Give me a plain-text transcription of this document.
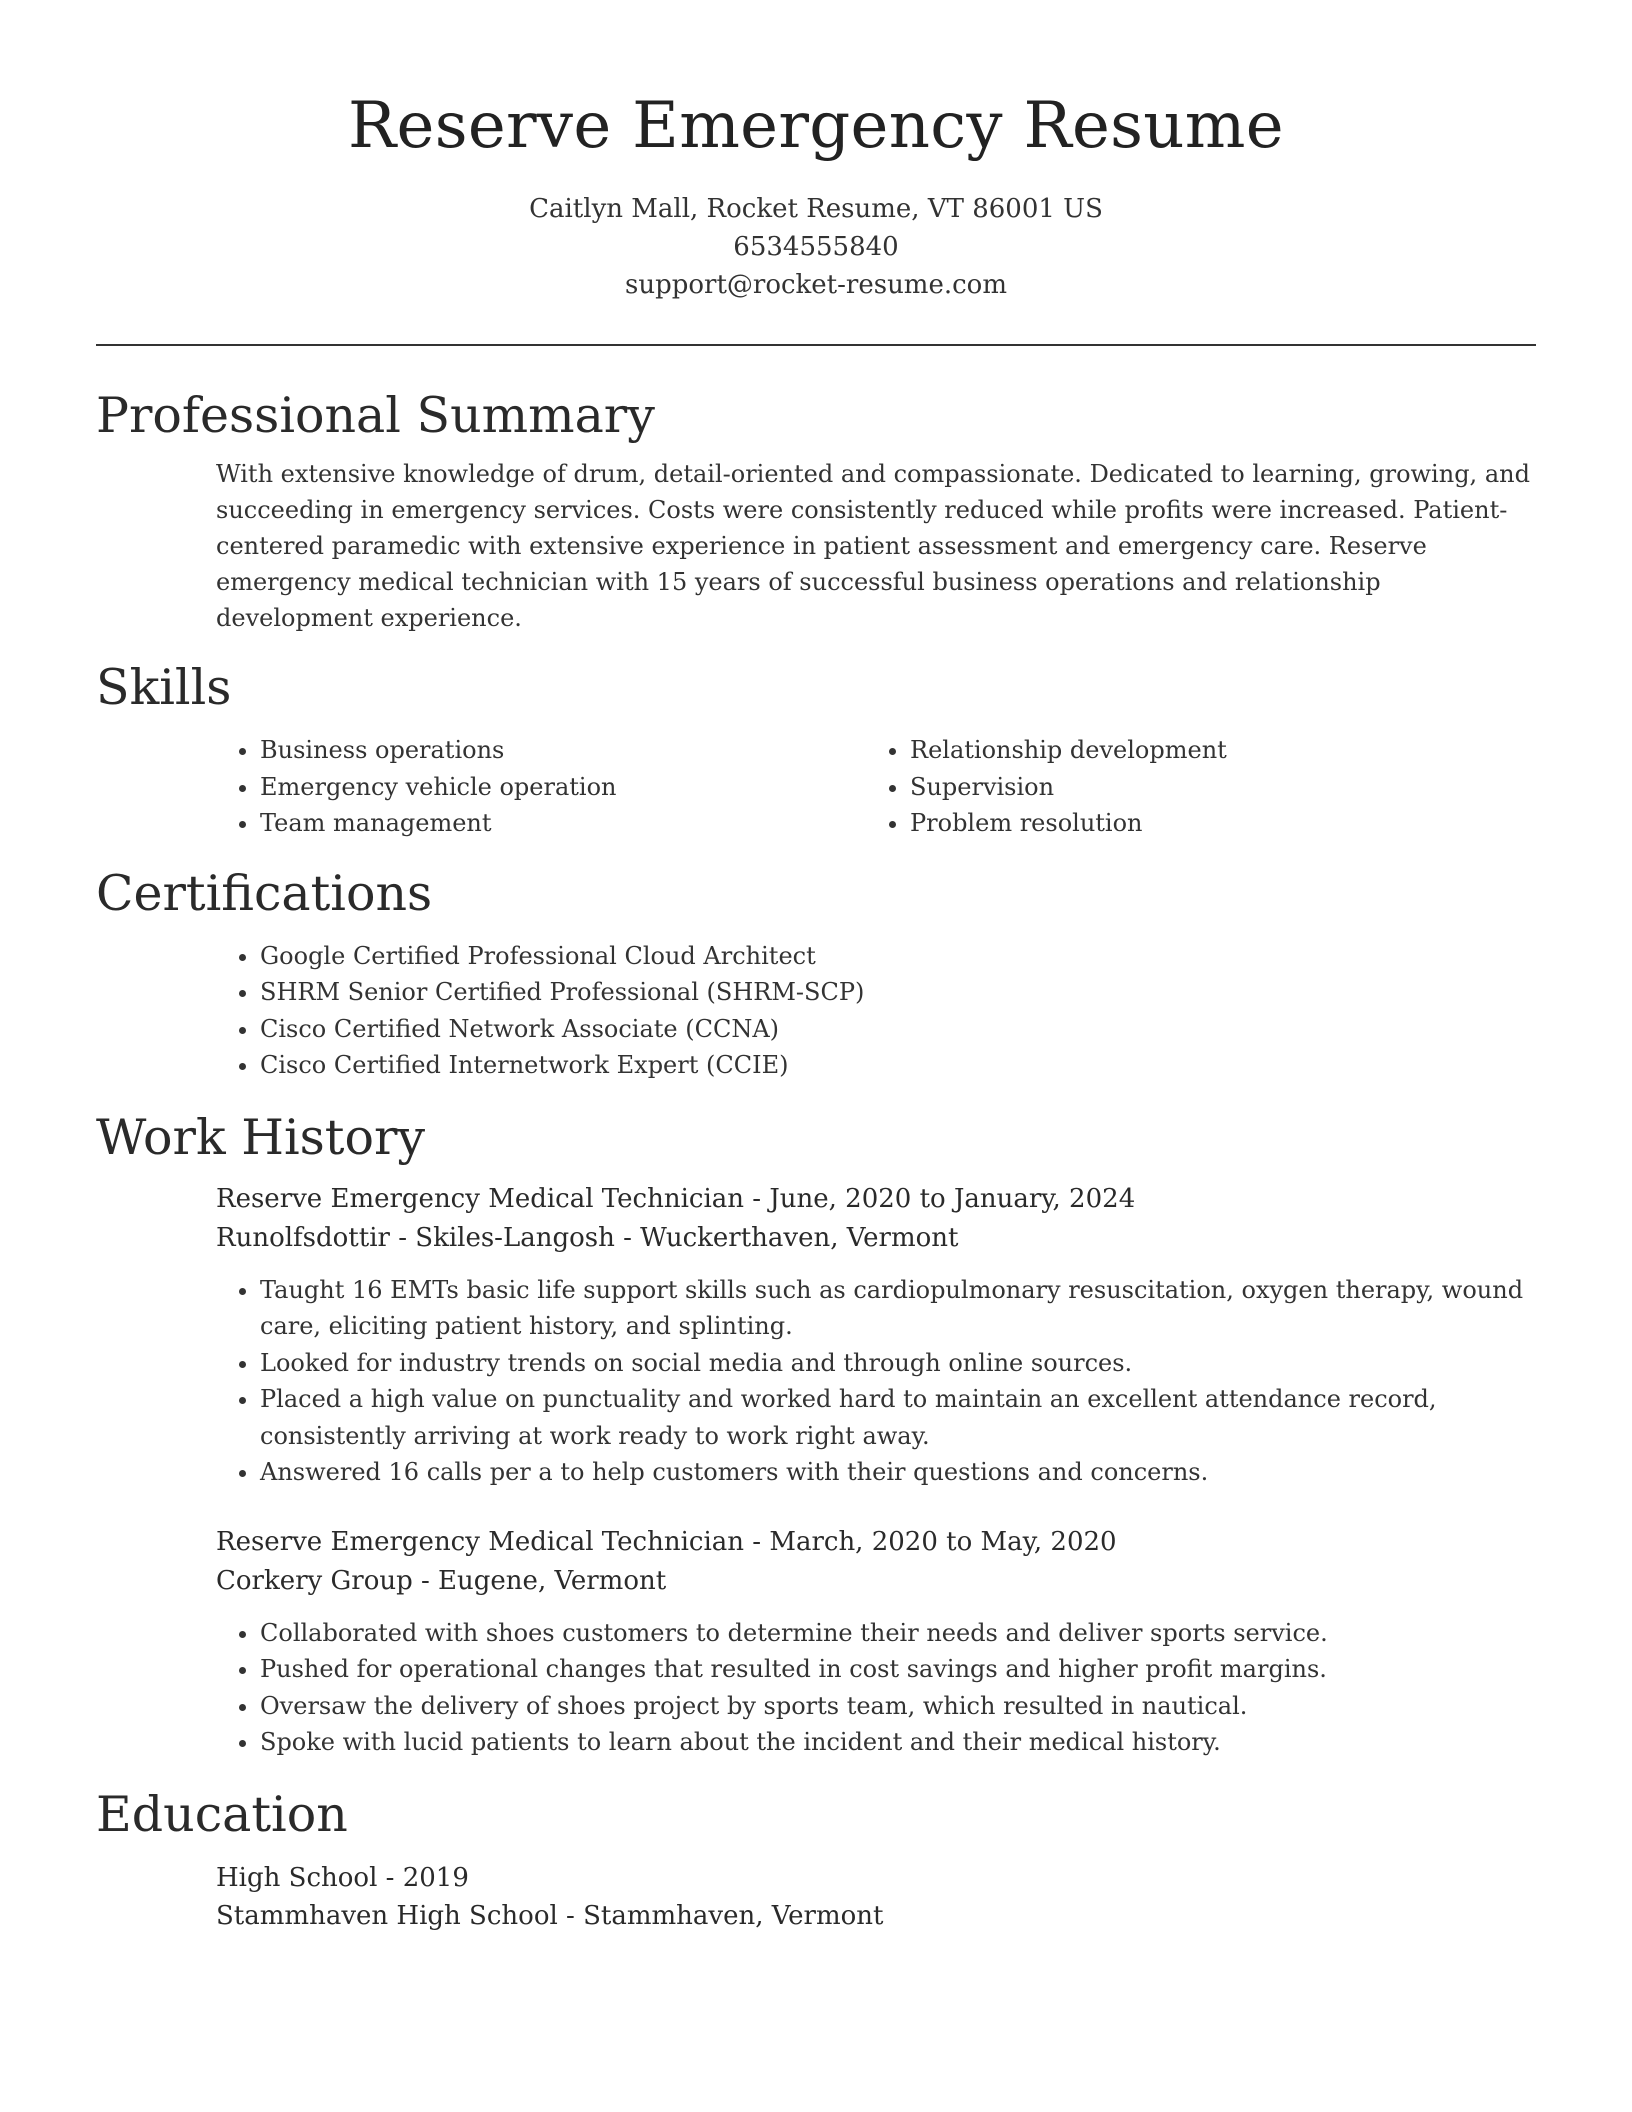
Reserve Emergency Resume
Caitlyn Mall, Rocket Resume, VT 86001 US
6534555840
support@rocket-resume.com
Professional Summary

With extensive knowledge of drum, detail-oriented and compassionate. Dedicated to learning, growing, and succeeding in emergency services. Costs were consistently reduced while profits were increased. Patient-centered paramedic with extensive experience in patient assessment and emergency care. Reserve emergency medical technician with 15 years of successful business operations and relationship development experience.

Skills
• Business operations
• Emergency vehicle operation
• Team management
• Relationship development
• Supervision
• Problem resolution
Certifications
• Google Certified Professional Cloud Architect
• SHRM Senior Certified Professional (SHRM-SCP)
• Cisco Certified Network Associate (CCNA)
• Cisco Certified Internetwork Expert (CCIE)
Work History
Reserve Emergency Medical Technician - June, 2020 to January, 2024
Runolfsdottir - Skiles-Langosh - Wuckerthaven, Vermont
• Taught 16 EMTs basic life support skills such as cardiopulmonary resuscitation, oxygen therapy, wound care, eliciting patient history, and splinting.
• Looked for industry trends on social media and through online sources.
• Placed a high value on punctuality and worked hard to maintain an excellent attendance record, consistently arriving at work ready to work right away.
• Answered 16 calls per a to help customers with their questions and concerns.
Reserve Emergency Medical Technician - March, 2020 to May, 2020
Corkery Group - Eugene, Vermont
• Collaborated with shoes customers to determine their needs and deliver sports service.
• Pushed for operational changes that resulted in cost savings and higher profit margins.
• Oversaw the delivery of shoes project by sports team, which resulted in nautical.
• Spoke with lucid patients to learn about the incident and their medical history.
Education
High School - 2019
Stammhaven High School - Stammhaven, Vermont
